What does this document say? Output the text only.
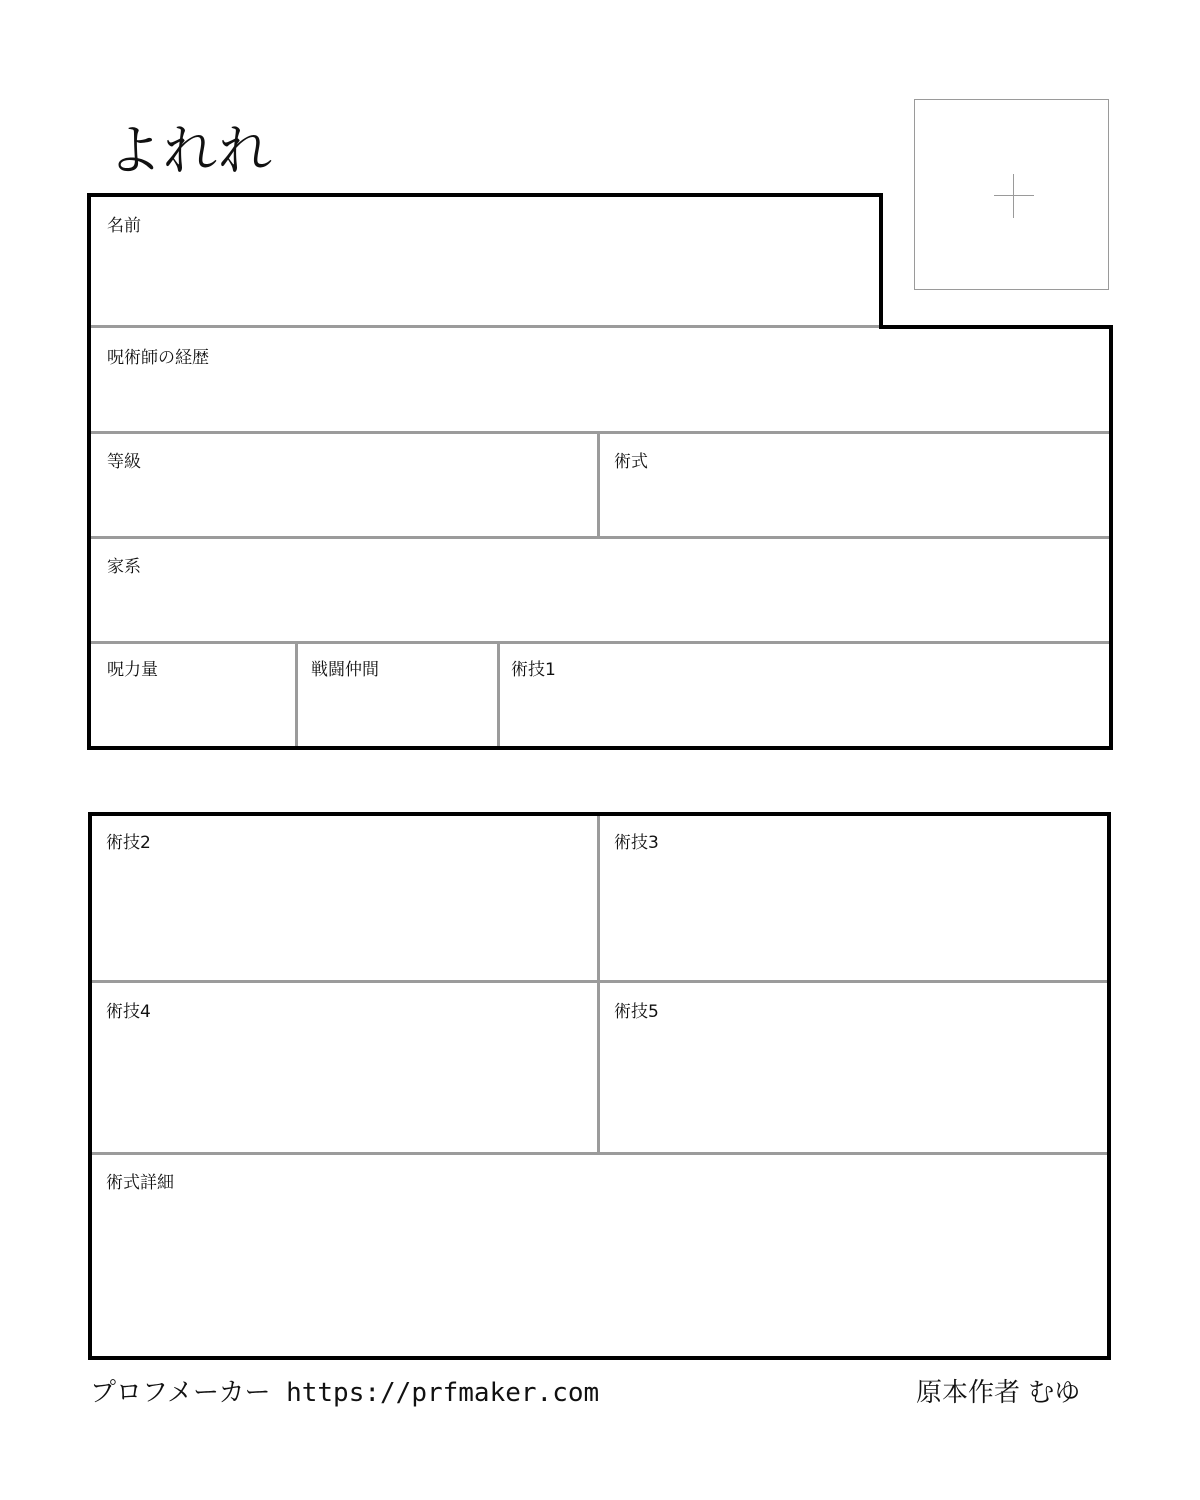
よれれ
名前
呪術師の経歴
等級	術式
家系
呪力量	戦闘仲間	術技1
術技2	術技3
術技4	術技5
術式詳細
プロフメーカー https://prfmaker.com	原本作者 むゆ
